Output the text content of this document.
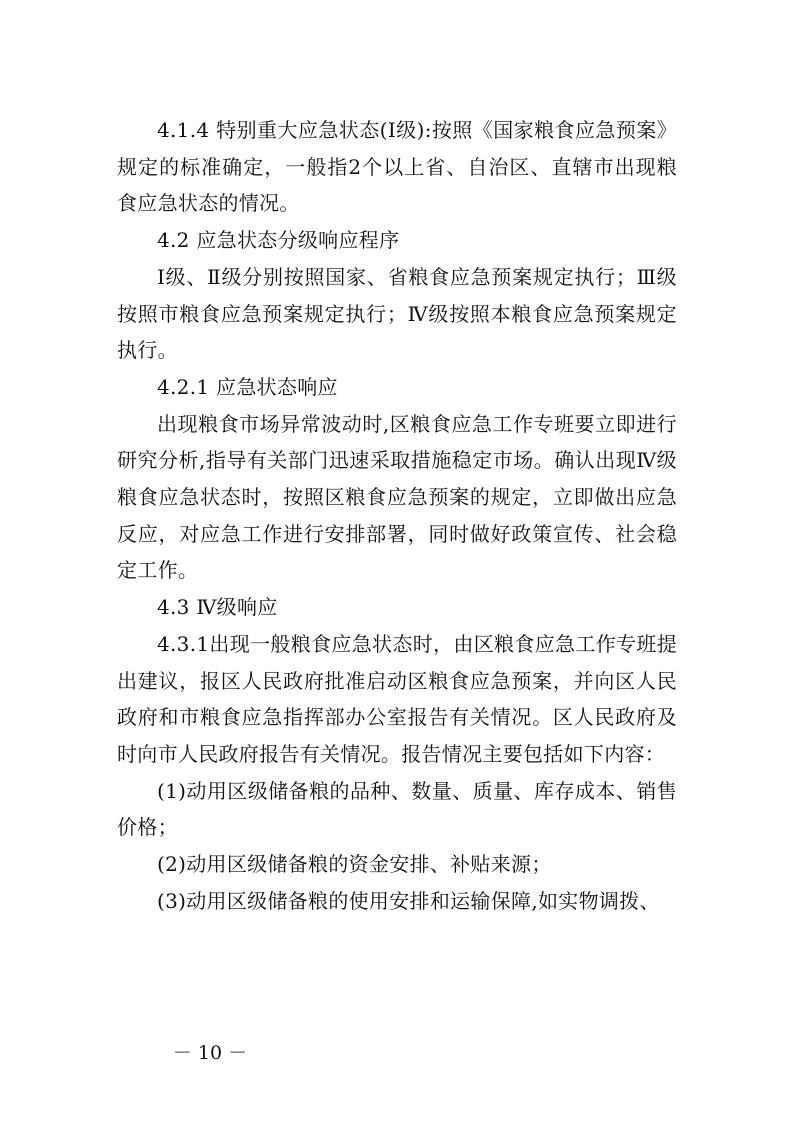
4.1.4 特别重大应急状态(Ⅰ级):按照《国家粮食应急预案》规定的标准确定，一般指2个以上省、自治区、直辖市出现粮食应急状态的情况。

4.2 应急状态分级响应程序

Ⅰ级、Ⅱ级分别按照国家、省粮食应急预案规定执行；Ⅲ级按照市粮食应急预案规定执行；Ⅳ级按照本粮食应急预案规定执行。

4.2.1 应急状态响应

出现粮食市场异常波动时,区粮食应急工作专班要立即进行研究分析,指导有关部门迅速采取措施稳定市场。确认出现Ⅳ级粮食应急状态时，按照区粮食应急预案的规定，立即做出应急反应，对应急工作进行安排部署，同时做好政策宣传、社会稳定工作。

4.3 Ⅳ级响应

4.3.1出现一般粮食应急状态时，由区粮食应急工作专班提出建议，报区人民政府批准启动区粮食应急预案，并向区人民政府和市粮食应急指挥部办公室报告有关情况。区人民政府及时向市人民政府报告有关情况。报告情况主要包括如下内容：

(1)动用区级储备粮的品种、数量、质量、库存成本、销售价格；

(2)动用区级储备粮的资金安排、补贴来源；

(3)动用区级储备粮的使用安排和运输保障,如实物调拨、

－ 10 －
